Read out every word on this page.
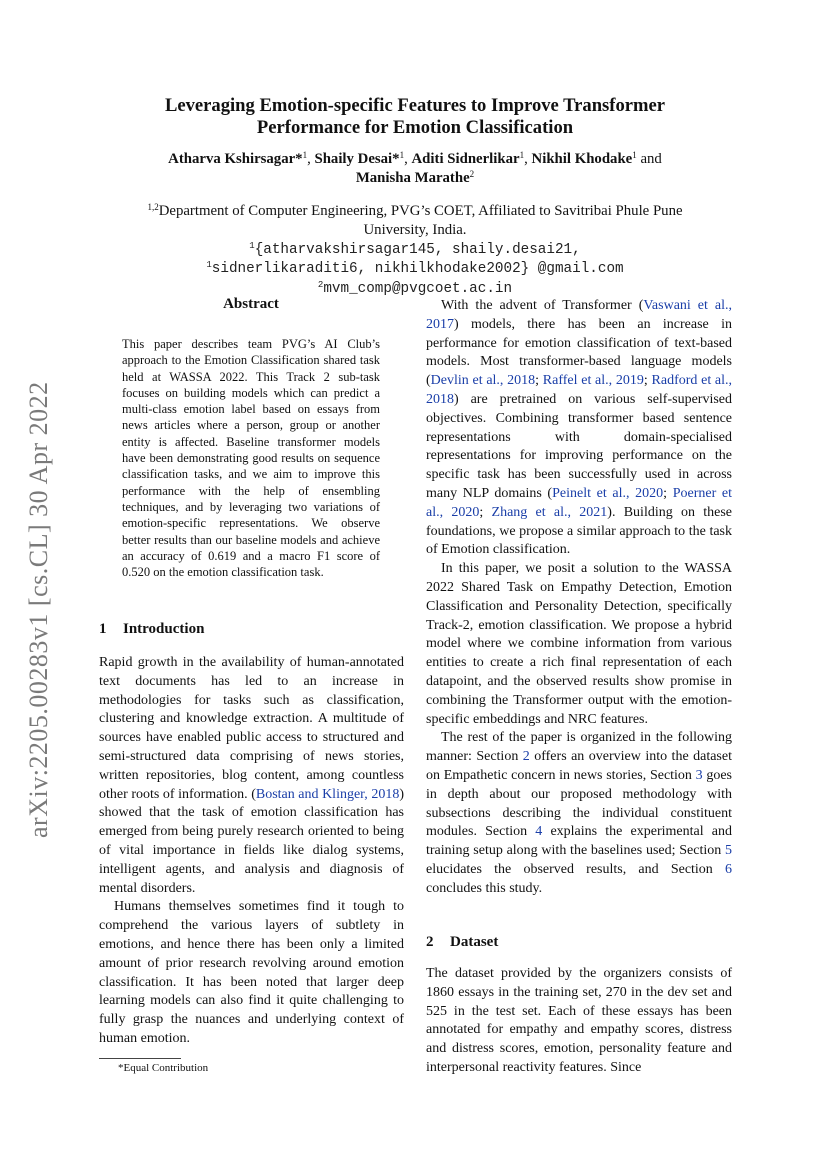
arXiv:2205.00283v1 [cs.CL] 30 Apr 2022
Leveraging Emotion-specific Features to Improve Transformer
Performance for Emotion Classification
Atharva Kshirsagar*$^1$, Shaily Desai*$^1$, Aditi Sidnerlikar$^1$, Nikhil Khodake$^1$ and
Manisha Marathe$^2$
$^{1,2}$Department of Computer Engineering, PVG’s COET, Affiliated to Savitribai Phule Pune
University, India.
$^1${atharvakshirsagar145, shaily.desai21,
$^1$sidnerlikaraditi6, nikhilkhodake2002} @gmail.com
$^2$mvm_comp@pvgcoet.ac.in
Abstract
This paper describes team PVG’s AI Club’s approach to the Emotion Classification shared task held at WASSA 2022. This Track 2 sub-task focuses on building models which can predict a multi-class emotion label based on essays from news articles where a person, group or another entity is affected. Baseline transformer models have been demonstrating good results on sequence classification tasks, and we aim to improve this performance with the help of ensembling techniques, and by leveraging two variations of emotion-specific representations. We observe better results than our baseline models and achieve an accuracy of 0.619 and a macro F1 score of 0.520 on the emotion classification task.
1 Introduction

Rapid growth in the availability of human-annotated text documents has led to an increase in methodologies for tasks such as classification, clustering and knowledge extraction. A multitude of sources have enabled public access to structured and semi-structured data comprising of news stories, written repositories, blog content, among countless other roots of information. (Bostan and Klinger, 2018) showed that the task of emotion classification has emerged from being purely research oriented to being of vital importance in fields like dialog systems, intelligent agents, and analysis and diagnosis of mental disorders.

Humans themselves sometimes find it tough to comprehend the various layers of subtlety in emotions, and hence there has been only a limited amount of prior research revolving around emotion classification. It has been noted that larger deep learning models can also find it quite challenging to fully grasp the nuances and underlying context of human emotion.

*Equal Contribution

With the advent of Transformer (Vaswani et al., 2017) models, there has been an increase in performance for emotion classification of text-based models. Most transformer-based language models (Devlin et al., 2018; Raffel et al., 2019; Radford et al., 2018) are pretrained on various self-supervised objectives. Combining transformer based sentence representations with domain-specialised representations for improving performance on the specific task has been successfully used in across many NLP domains (Peinelt et al., 2020; Poerner et al., 2020; Zhang et al., 2021). Building on these foundations, we propose a similar approach to the task of Emotion classification.

In this paper, we posit a solution to the WASSA 2022 Shared Task on Empathy Detection, Emotion Classification and Personality Detection, specifically Track-2, emotion classification. We propose a hybrid model where we combine information from various entities to create a rich final representation of each datapoint, and the observed results show promise in combining the Transformer output with the emotion-specific embeddings and NRC features.

The rest of the paper is organized in the following manner: Section 2 offers an overview into the dataset on Empathetic concern in news stories, Section 3 goes in depth about our proposed methodology with subsections describing the individual constituent modules. Section 4 explains the experimental and training setup along with the baselines used; Section 5 elucidates the observed results, and Section 6 concludes this study.

2 Dataset

The dataset provided by the organizers consists of 1860 essays in the training set, 270 in the dev set and 525 in the test set. Each of these essays has been annotated for empathy and empathy scores, distress and distress scores, emotion, personality feature and interpersonal reactivity features. Since
